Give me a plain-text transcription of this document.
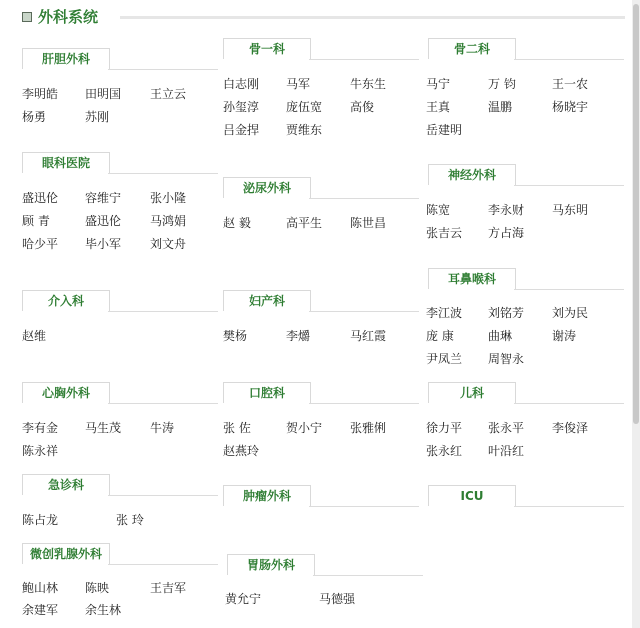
外科系统
肝胆外科
李明皓 田明国 王立云
杨勇	苏刚
眼科医院
盛迅伦 容维宁 张小隆
顾 青	盛迅伦 马鸿娟
哈少平 毕小军 刘文舟
介入科
赵维
心胸外科
李有金 马生茂 牛涛
陈永祥
急诊科
陈占龙	张 玲
微创乳腺外科
鲍山林 陈映	王吉军
余建军 余生林
骨一科
白志刚 马军	牛东生
孙玺淳 庞伍宽 高俊
吕金捍 贾维东
泌尿外科
赵 毅	高平生 陈世昌
妇产科
樊杨	李爝	马红霞
口腔科
张 佐	贺小宁 张雅俐
赵燕玲
肿瘤外科
胃肠外科
黄允宁	马德强
骨二科
马宁	万 钧	王一农
王真	温鹏	杨晓宇
岳建明
神经外科
陈宽	李永财 马东明
张吉云 方占海
耳鼻喉科
李江波 刘铭芳 刘为民
庞 康	曲琳	谢涛
尹凤兰 周智永
儿科
徐力平 张永平 李俊泽
张永红 叶沿红
ICU
